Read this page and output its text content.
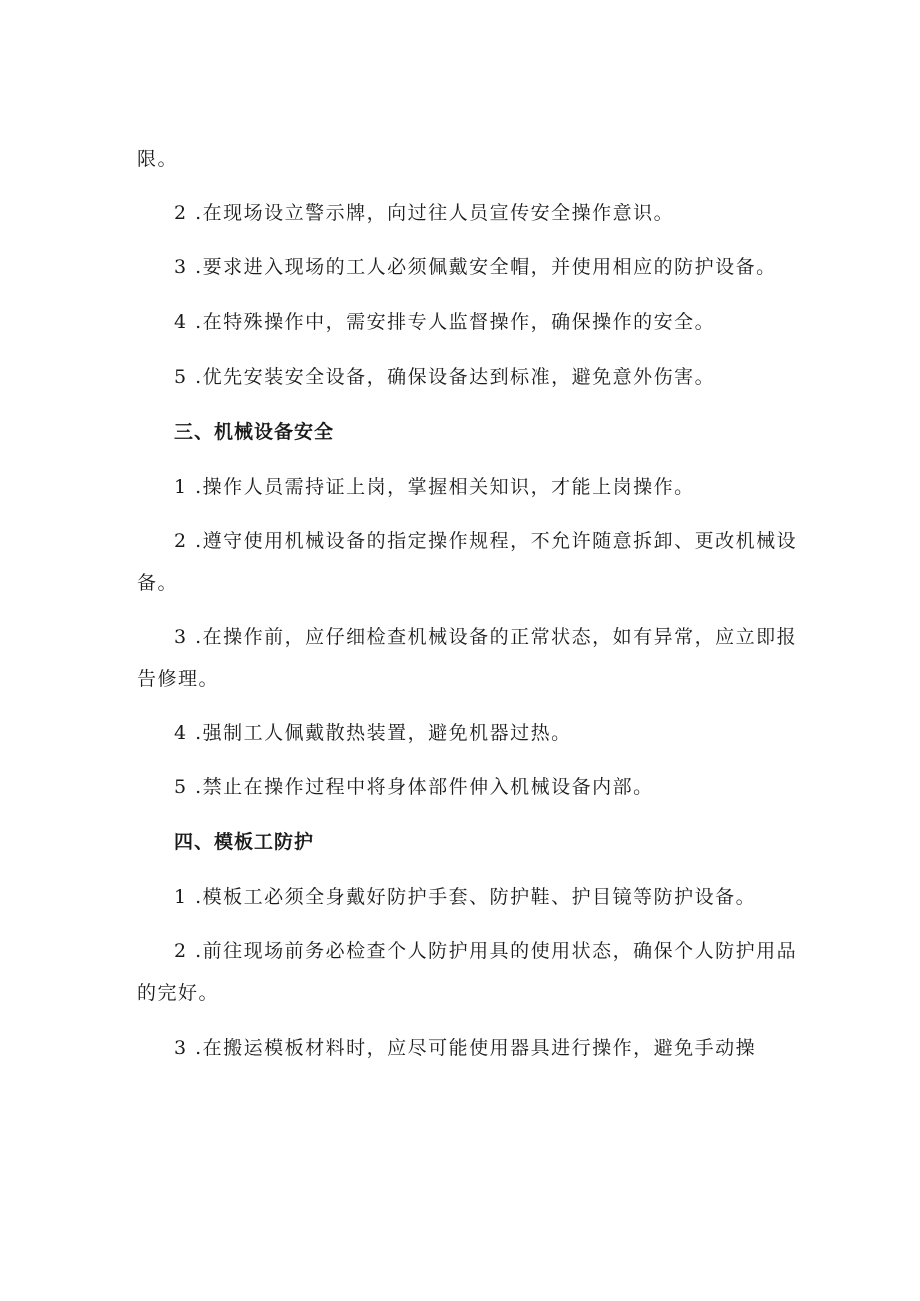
限。
2 .在现场设立警示牌，向过往人员宣传安全操作意识。
3 .要求进入现场的工人必须佩戴安全帽，并使用相应的防护设备。
4 .在特殊操作中，需安排专人监督操作，确保操作的安全。
5 .优先安装安全设备，确保设备达到标准，避免意外伤害。
三、机械设备安全
1 .操作人员需持证上岗，掌握相关知识，才能上岗操作。
2 .遵守使用机械设备的指定操作规程，不允许随意拆卸、更改机械设
备。
3 .在操作前，应仔细检查机械设备的正常状态，如有异常，应立即报
告修理。
4 .强制工人佩戴散热装置，避免机器过热。
5 .禁止在操作过程中将身体部件伸入机械设备内部。
四、模板工防护
1 .模板工必须全身戴好防护手套、防护鞋、护目镜等防护设备。
2 .前往现场前务必检查个人防护用具的使用状态，确保个人防护用品
的完好。
3 .在搬运模板材料时，应尽可能使用器具进行操作，避免手动操
